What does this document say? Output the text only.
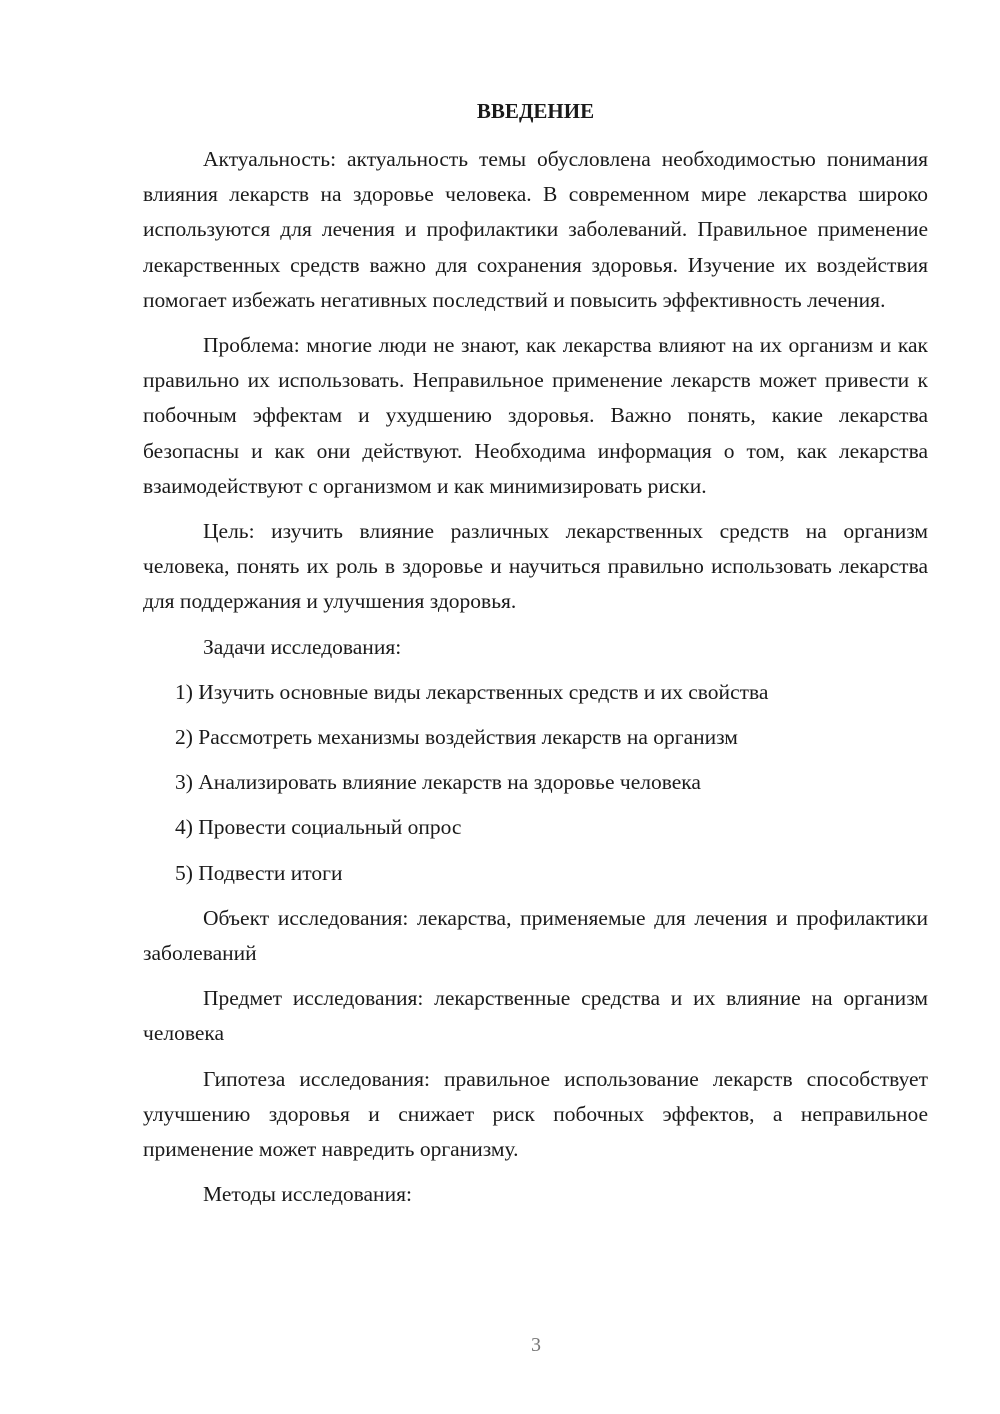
ВВЕДЕНИЕ

Актуальность: актуальность темы обусловлена необходимостью понимания влияния лекарств на здоровье человека. В современном мире лекарства широко используются для лечения и профилактики заболеваний. Правильное применение лекарственных средств важно для сохранения здоровья. Изучение их воздействия помогает избежать негативных последствий и повысить эффективность лечения.

Проблема: многие люди не знают, как лекарства влияют на их организм и как правильно их использовать. Неправильное применение лекарств может привести к побочным эффектам и ухудшению здоровья. Важно понять, какие лекарства безопасны и как они действуют. Необходима информация о том, как лекарства взаимодействуют с организмом и как минимизировать риски.

Цель: изучить влияние различных лекарственных средств на организм человека, понять их роль в здоровье и научиться правильно использовать лекарства для поддержания и улучшения здоровья.

Задачи исследования:

1) Изучить основные виды лекарственных средств и их свойства

2) Рассмотреть механизмы воздействия лекарств на организм

3) Анализировать влияние лекарств на здоровье человека

4) Провести социальный опрос

5) Подвести итоги

Объект исследования: лекарства, применяемые для лечения и профилактики заболеваний

Предмет исследования: лекарственные средства и их влияние на организм человека

Гипотеза исследования: правильное использование лекарств способствует улучшению здоровья и снижает риск побочных эффектов, а неправильное применение может навредить организму.

Методы исследования:

3
